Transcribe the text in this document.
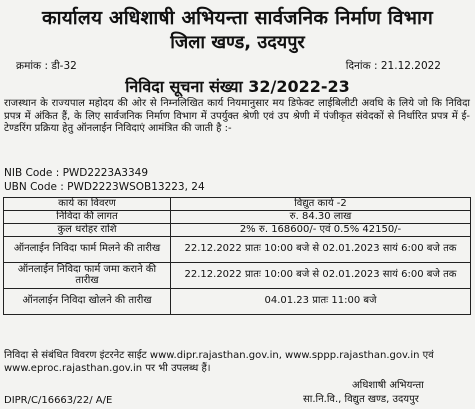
कार्यालय अधिशाषी अभियन्ता सार्वजनिक निर्माण विभाग
जिला खण्ड, उदयपुर
क्रमांक : डी-32	दिनांक : 21.12.2022
निविदा सूचना संख्या 32/2022-23
राजस्थान के राज्यपाल महोदय की ओर से निम्नलिखित कार्य नियमानुसार मय डिफेक्ट लाईबिलीटी अवधि के लिये जो कि निविदा प्रपत्र में अंकित हैं, के लिए सार्वजनिक निर्माण विभाग में उपर्युक्त श्रेणी एवं उप श्रेणी में पंजीकृत संवेदकों से निर्धारित प्रपत्र में ई-टेण्डरिंग प्रक्रिया हेतु ऑनलाईन निविदाएं आमंत्रित की जाती है :-
NIB Code : PWD2223A3349
UBN Code : PWD2223WSOB13223, 24
कार्य का विवरण	विद्युत कार्य -2
निविदा की लागत	रु. 84.30 लाख
कुल धरोहर राशि	2% रु. 168600/- एवं 0.5% 42150/-
ऑनलाईन निविदा फार्म मिलने की तारीख	22.12.2022 प्रातः 10:00 बजे से 02.01.2023 सायं 6:00 बजे तक
ऑनलाईन निविदा फार्म जमा कराने की तारीख	22.12.2022 प्रातः 10:00 बजे से 02.01.2023 सायं 6:00 बजे तक
ऑनलाईन निविदा खोलने की तारीख	04.01.23 प्रातः 11:00 बजे
निविदा से संबंधित विवरण इंटरनेट साईट www.dipr.rajasthan.gov.in, www.sppp.rajasthan.gov.in एवं www.eproc.rajasthan.gov.in पर भी उपलब्ध हैं।
अधिशाषी अभियन्ता
सा.नि.वि., विद्युत खण्ड, उदयपुर
DIPR/C/16663/22/ A/E
